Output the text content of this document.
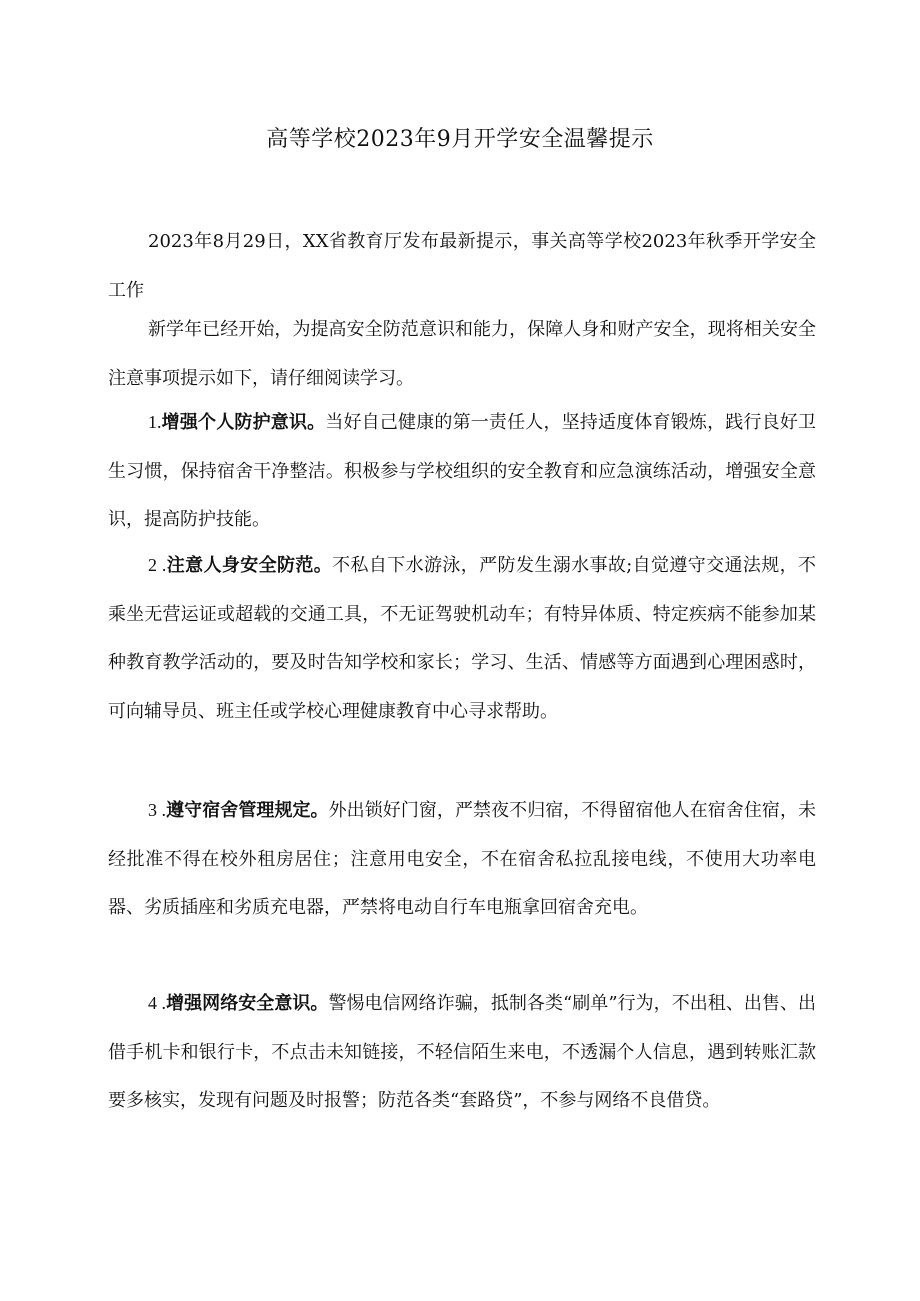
高等学校2023年9月开学安全温馨提示

2023年8月29日，XX省教育厅发布最新提示，事关高等学校2023年秋季开学安全工作

新学年已经开始，为提高安全防范意识和能力，保障人身和财产安全，现将相关安全注意事项提示如下，请仔细阅读学习。

1.增强个人防护意识。当好自己健康的第一责任人，坚持适度体育锻炼，践行良好卫生习惯，保持宿舍干净整洁。积极参与学校组织的安全教育和应急演练活动，增强安全意识，提高防护技能。

2 .注意人身安全防范。不私自下水游泳，严防发生溺水事故;自觉遵守交通法规，不乘坐无营运证或超载的交通工具，不无证驾驶机动车；有特异体质、特定疾病不能参加某种教育教学活动的，要及时告知学校和家长；学习、生活、情感等方面遇到心理困惑时，可向辅导员、班主任或学校心理健康教育中心寻求帮助。

3 .遵守宿舍管理规定。外出锁好门窗，严禁夜不归宿，不得留宿他人在宿舍住宿，未经批准不得在校外租房居住；注意用电安全，不在宿舍私拉乱接电线，不使用大功率电器、劣质插座和劣质充电器，严禁将电动自行车电瓶拿回宿舍充电。

4 .增强网络安全意识。警惕电信网络诈骗，抵制各类“刷单”行为，不出租、出售、出借手机卡和银行卡，不点击未知链接，不轻信陌生来电，不透漏个人信息，遇到转账汇款要多核实，发现有问题及时报警；防范各类“套路贷”，不参与网络不良借贷。
